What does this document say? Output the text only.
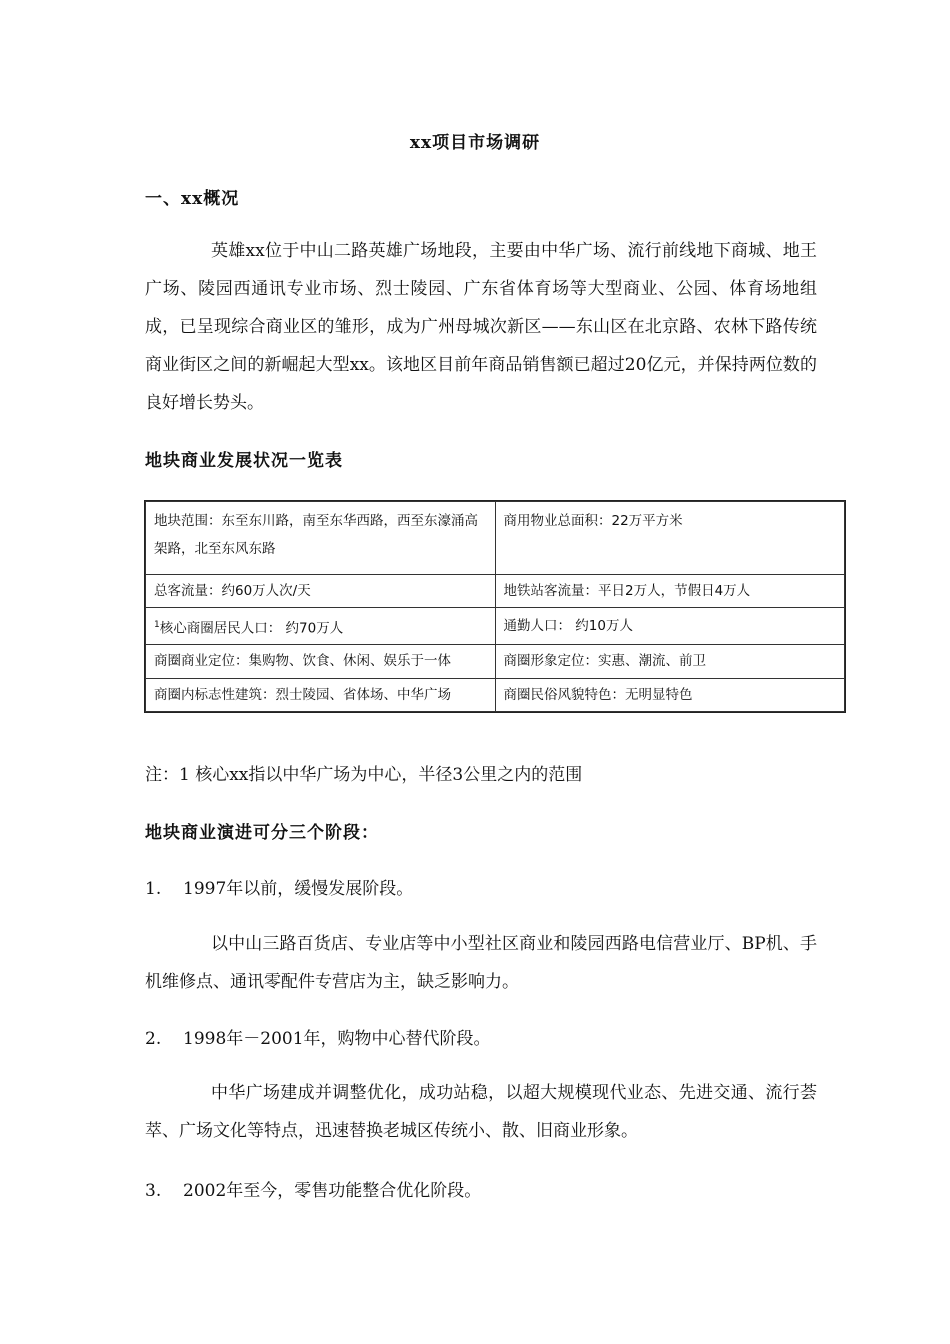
xx项目市场调研
一、xx概况
英雄xx位于中山二路英雄广场地段，主要由中华广场、流行前线地下商城、地王广场、陵园西通讯专业市场、烈士陵园、广东省体育场等大型商业、公园、体育场地组成，已呈现综合商业区的雏形，成为广州母城次新区——东山区在北京路、农林下路传统商业街区之间的新崛起大型xx。该地区目前年商品销售额已超过20亿元，并保持两位数的良好增长势头。
地块商业发展状况一览表
地块范围：东至东川路，南至东华西路，西至东濠涌高架路，北至东风东路	商用物业总面积：22万平方米
总客流量：约60万人次/天	地铁站客流量：平日2万人，节假日4万人
$^1$核心商圈居民人口： 约70万人	通勤人口： 约10万人
商圈商业定位：集购物、饮食、休闲、娱乐于一体	商圈形象定位：实惠、潮流、前卫
商圈内标志性建筑：烈士陵园、省体场、中华广场	商圈民俗风貌特色：无明显特色
注：1 核心xx指以中华广场为中心，半径3公里之内的范围
地块商业演进可分三个阶段：
1. 1997年以前，缓慢发展阶段。
以中山三路百货店、专业店等中小型社区商业和陵园西路电信营业厅、BP机、手机维修点、通讯零配件专营店为主，缺乏影响力。
2. 1998年－2001年，购物中心替代阶段。
中华广场建成并调整优化，成功站稳，以超大规模现代业态、先进交通、流行荟萃、广场文化等特点，迅速替换老城区传统小、散、旧商业形象。
3. 2002年至今，零售功能整合优化阶段。
